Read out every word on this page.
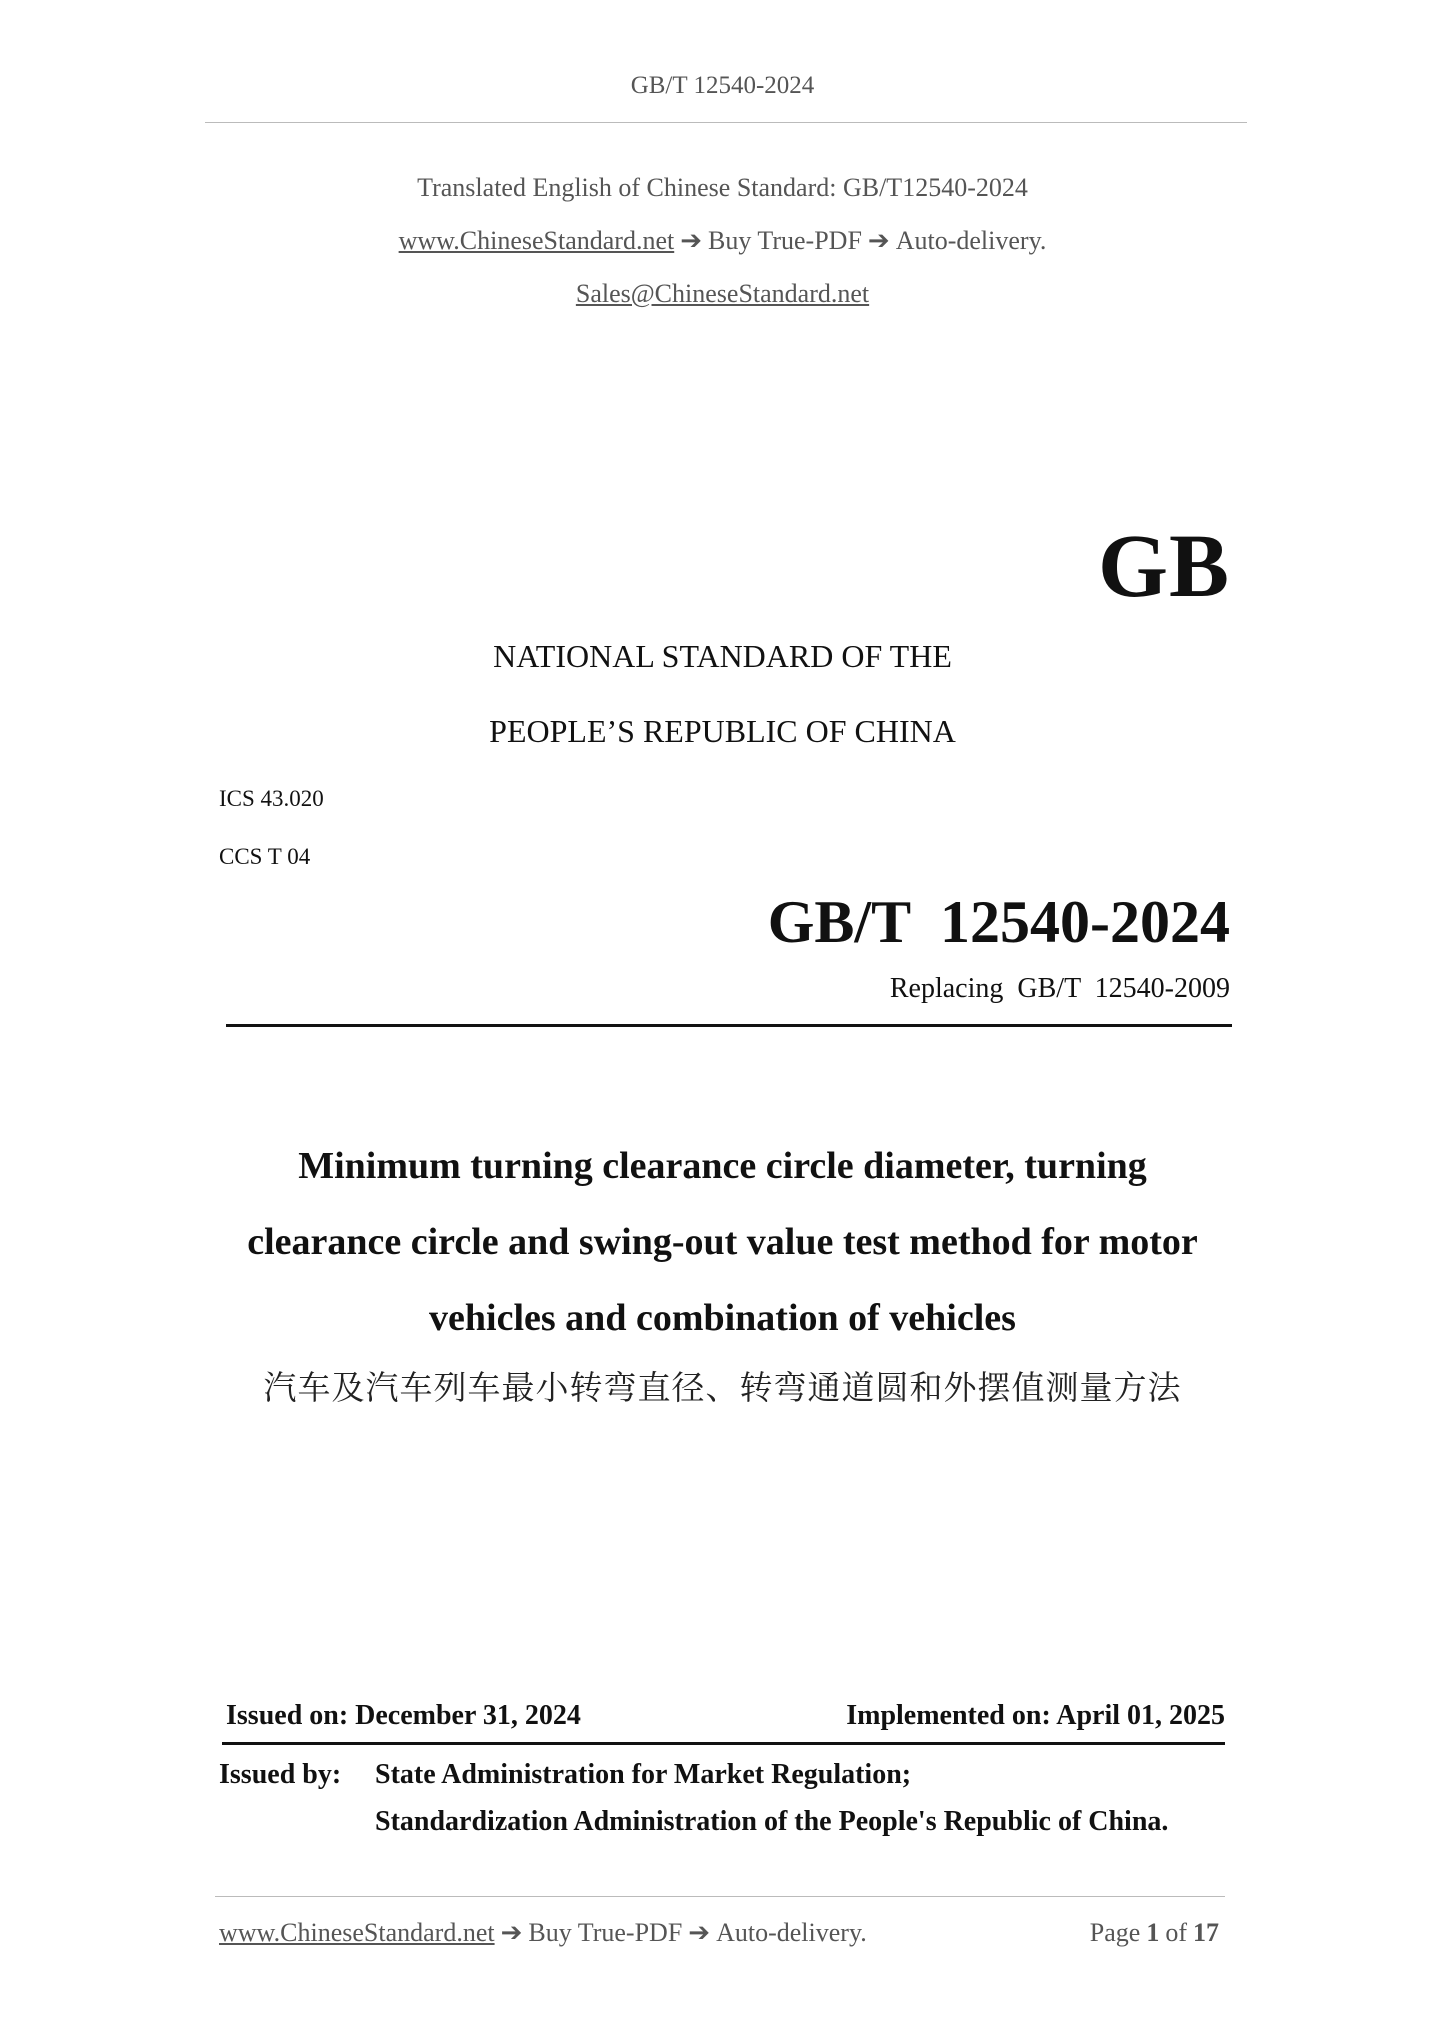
GB/T 12540-2024
Translated English of Chinese Standard: GB/T12540-2024
www.ChineseStandard.net ➔ Buy True-PDF ➔ Auto-delivery.
Sales@ChineseStandard.net
GB
NATIONAL STANDARD OF THE
PEOPLE’S REPUBLIC OF CHINA
ICS 43.020
CCS T 04
GB/T  12540-2024
Replacing  GB/T  12540-2009
Minimum turning clearance circle diameter, turning
clearance circle and swing-out value test method for motor
vehicles and combination of vehicles
汽车及汽车列车最小转弯直径、转弯通道圆和外摆值测量方法
Issued on: December 31, 2024	Implemented on: April 01, 2025
Issued by: State Administration for Market Regulation;
Standardization Administration of the People's Republic of China.
www.ChineseStandard.net ➔ Buy True-PDF ➔ Auto-delivery.	Page 1 of 17
